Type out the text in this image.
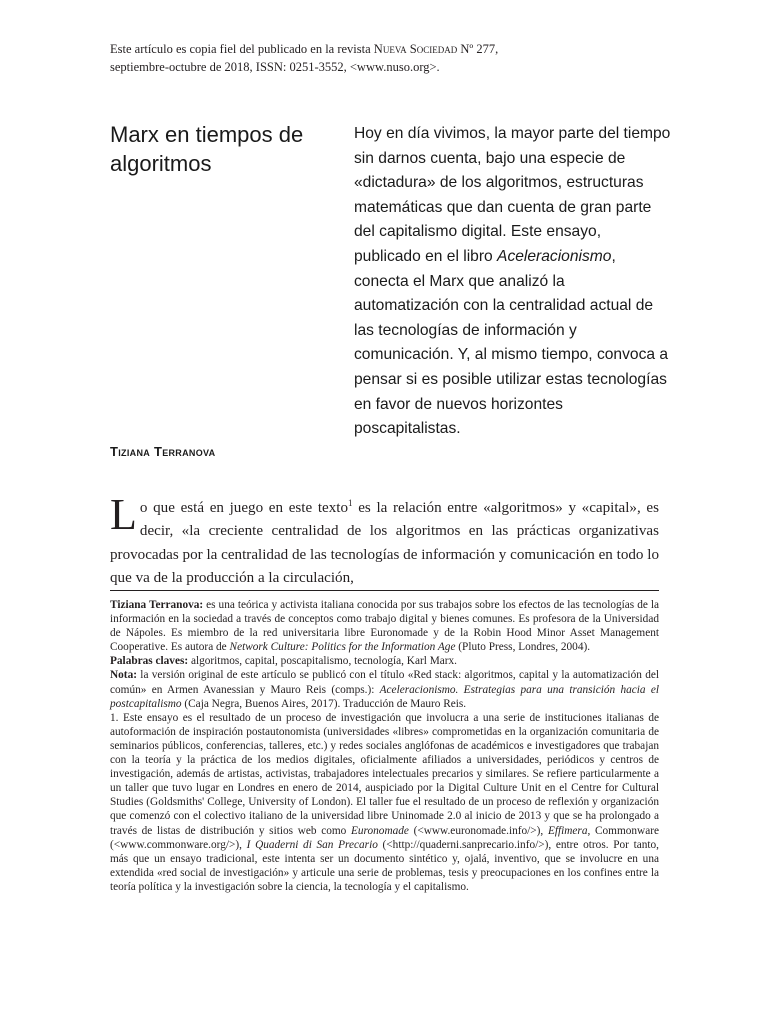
Este artículo es copia fiel del publicado en la revista Nueva Sociedad Nº 277,
septiembre-octubre de 2018, ISSN: 0251-3552, <www.nuso.org>.
Marx en tiempos de algoritmos
Tiziana Terranova

Hoy en día vivimos, la mayor parte del tiempo sin darnos cuenta, bajo una especie de «dictadura» de los algoritmos, estructuras matemáticas que dan cuenta de gran parte del capitalismo digital. Este ensayo, publicado en el libro Aceleracionismo, conecta el Marx que analizó la automatización con la centralidad actual de las tecnologías de información y comunicación. Y, al mismo tiempo, convoca a pensar si es posible utilizar estas tecnologías en favor de nuevos horizontes poscapitalistas.

Lo que está en juego en este texto$^1$ es la relación entre «algoritmos» y «capital», es decir, «la creciente centralidad de los algoritmos en las prácticas organizativas provocadas por la centralidad de las tecnologías de información y comunicación en todo lo que va de la producción a la circulación,

Tiziana Terranova: es una teórica y activista italiana conocida por sus trabajos sobre los efectos de las tecnologías de la información en la sociedad a través de conceptos como trabajo digital y bienes comunes. Es profesora de la Universidad de Nápoles. Es miembro de la red universitaria libre Euronomade y de la Robin Hood Minor Asset Management Cooperative. Es autora de Network Culture: Politics for the Information Age (Pluto Press, Londres, 2004).

Palabras claves: algoritmos, capital, poscapitalismo, tecnología, Karl Marx.

Nota: la versión original de este artículo se publicó con el título «Red stack: algoritmos, capital y la automatización del común» en Armen Avanessian y Mauro Reis (comps.): Aceleracionismo. Estrategias para una transición hacia el postcapitalismo (Caja Negra, Buenos Aires, 2017). Traducción de Mauro Reis.

1. Este ensayo es el resultado de un proceso de investigación que involucra a una serie de instituciones italianas de autoformación de inspiración postautonomista (universidades «libres» comprometidas en la organización comunitaria de seminarios públicos, conferencias, talleres, etc.) y redes sociales anglófonas de académicos e investigadores que trabajan con la teoría y la práctica de los medios digitales, oficialmente afiliados a universidades, periódicos y centros de investigación, además de artistas, activistas, trabajadores intelectuales precarios y similares. Se refiere particularmente a un taller que tuvo lugar en Londres en enero de 2014, auspiciado por la Digital Culture Unit en el Centre for Cultural Studies (Goldsmiths' College, University of London). El taller fue el resultado de un proceso de reflexión y organización que comenzó con el colectivo italiano de la universidad libre Uninomade 2.0 al inicio de 2013 y que se ha prolongado a través de listas de distribución y sitios web como Euronomade (<www.euronomade.info/>), Effimera, Commonware (<www.commonware.org/>), I Quaderni di San Precario (<http://quaderni.sanprecario.info/>), entre otros. Por tanto, más que un ensayo tradicional, este intenta ser un documento sintético y, ojalá, inventivo, que se involucre en una extendida «red social de investigación» y articule una serie de problemas, tesis y preocupaciones en los confines entre la teoría política y la investigación sobre la ciencia, la tecnología y el capitalismo.
